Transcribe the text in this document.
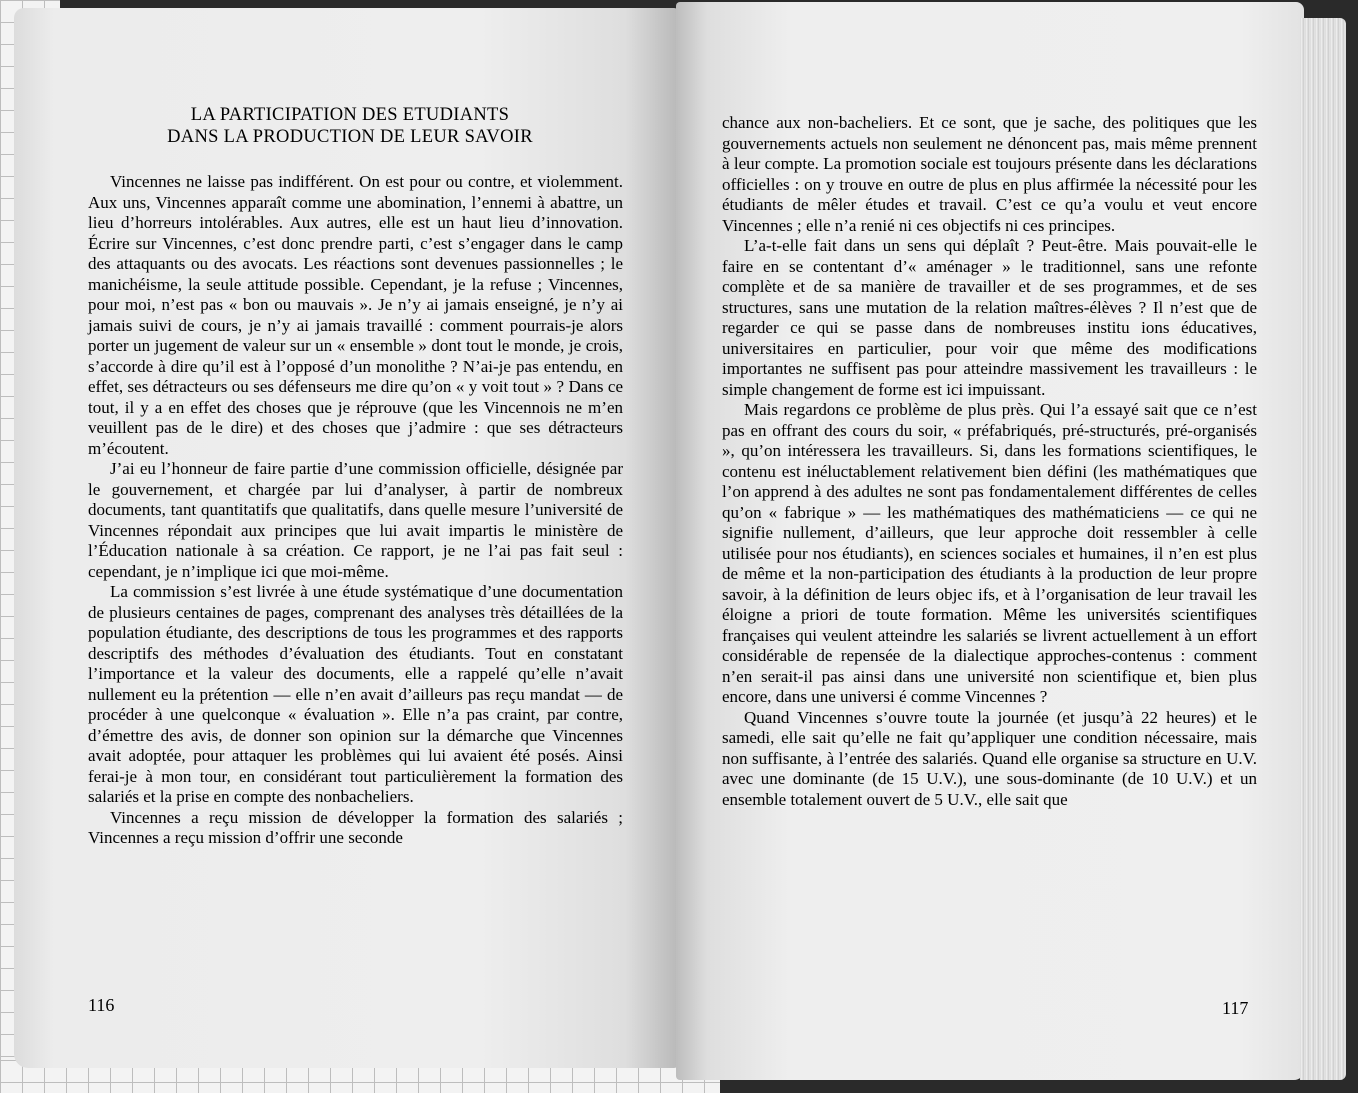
LA PARTICIPATION DES ETUDIANTS
DANS LA PRODUCTION DE LEUR SAVOIR

Vincennes ne laisse pas indifférent. On est pour ou contre, et violemment. Aux uns, Vincennes apparaît comme une abomination, l’ennemi à abattre, un lieu d’horreurs intolérables. Aux autres, elle est un haut lieu d’innovation. Écrire sur Vincennes, c’est donc prendre parti, c’est s’engager dans le camp des attaquants ou des avocats. Les réactions sont devenues passionnelles ; le manichéisme, la seule attitude possible. Cependant, je la refuse ; Vincennes, pour moi, n’est pas « bon ou mauvais ». Je n’y ai jamais enseigné, je n’y ai jamais suivi de cours, je n’y ai jamais travaillé : comment pourrais-je alors porter un jugement de valeur sur un « ensemble » dont tout le monde, je crois, s’accorde à dire qu’il est à l’opposé d’un monolithe ? N’ai-je pas entendu, en effet, ses détracteurs ou ses défenseurs me dire qu’on « y voit tout » ? Dans ce tout, il y a en effet des choses que je réprouve (que les Vincennois ne m’en veuillent pas de le dire) et des choses que j’admire : que ses détracteurs m’écoutent.

J’ai eu l’honneur de faire partie d’une commission officielle, désignée par le gouvernement, et chargée par lui d’analyser, à partir de nombreux documents, tant quantitatifs que qualitatifs, dans quelle mesure l’université de Vincennes répondait aux principes que lui avait impartis le ministère de l’Éducation nationale à sa création. Ce rapport, je ne l’ai pas fait seul : cependant, je n’implique ici que moi-même.

La commission s’est livrée à une étude systématique d’une documentation de plusieurs centaines de pages, comprenant des analyses très détaillées de la population étudiante, des descriptions de tous les programmes et des rapports descriptifs des méthodes d’évaluation des étudiants. Tout en constatant l’importance et la valeur des documents, elle a rappelé qu’elle n’avait nullement eu la prétention — elle n’en avait d’ailleurs pas reçu mandat — de procéder à une quelconque « évaluation ». Elle n’a pas craint, par contre, d’émettre des avis, de donner son opinion sur la démarche que Vincennes avait adoptée, pour attaquer les problèmes qui lui avaient été posés. Ainsi ferai-je à mon tour, en considérant tout particulièrement la formation des salariés et la prise en compte des nonbacheliers.

Vincennes a reçu mission de développer la formation des salariés ; Vincennes a reçu mission d’offrir une seconde

chance aux non-bacheliers. Et ce sont, que je sache, des politiques que les gouvernements actuels non seulement ne dénoncent pas, mais même prennent à leur compte. La promotion sociale est toujours présente dans les déclarations officielles : on y trouve en outre de plus en plus affirmée la nécessité pour les étudiants de mêler études et travail. C’est ce qu’a voulu et veut encore Vincennes ; elle n’a renié ni ces objectifs ni ces principes.

L’a-t-elle fait dans un sens qui déplaît ? Peut-être. Mais pouvait-elle le faire en se contentant d’« aménager » le traditionnel, sans une refonte complète et de sa manière de travailler et de ses programmes, et de ses structures, sans une mutation de la relation maîtres-élèves ? Il n’est que de regarder ce qui se passe dans de nombreuses institu ions éducatives, universitaires en particulier, pour voir que même des modifications importantes ne suffisent pas pour atteindre massivement les travailleurs : le simple changement de forme est ici impuissant.

Mais regardons ce problème de plus près. Qui l’a essayé sait que ce n’est pas en offrant des cours du soir, « préfabriqués, pré-structurés, pré-organisés », qu’on intéressera les travailleurs. Si, dans les formations scientifiques, le contenu est inéluctablement relativement bien défini (les mathématiques que l’on apprend à des adultes ne sont pas fondamentalement différentes de celles qu’on « fabrique » — les mathématiques des mathématiciens — ce qui ne signifie nullement, d’ailleurs, que leur approche doit ressembler à celle utilisée pour nos étudiants), en sciences sociales et humaines, il n’en est plus de même et la non-participation des étudiants à la production de leur propre savoir, à la définition de leurs objec ifs, et à l’organisation de leur travail les éloigne a priori de toute formation. Même les universités scientifiques françaises qui veulent atteindre les salariés se livrent actuellement à un effort considérable de repensée de la dialectique approches-contenus : comment n’en serait-il pas ainsi dans une université non scientifique et, bien plus encore, dans une universi é comme Vincennes ?

Quand Vincennes s’ouvre toute la journée (et jusqu’à 22 heures) et le samedi, elle sait qu’elle ne fait qu’appliquer une condition nécessaire, mais non suffisante, à l’entrée des salariés. Quand elle organise sa structure en U.V. avec une dominante (de 15 U.V.), une sous-dominante (de 10 U.V.) et un ensemble totalement ouvert de 5 U.V., elle sait que

116	117
